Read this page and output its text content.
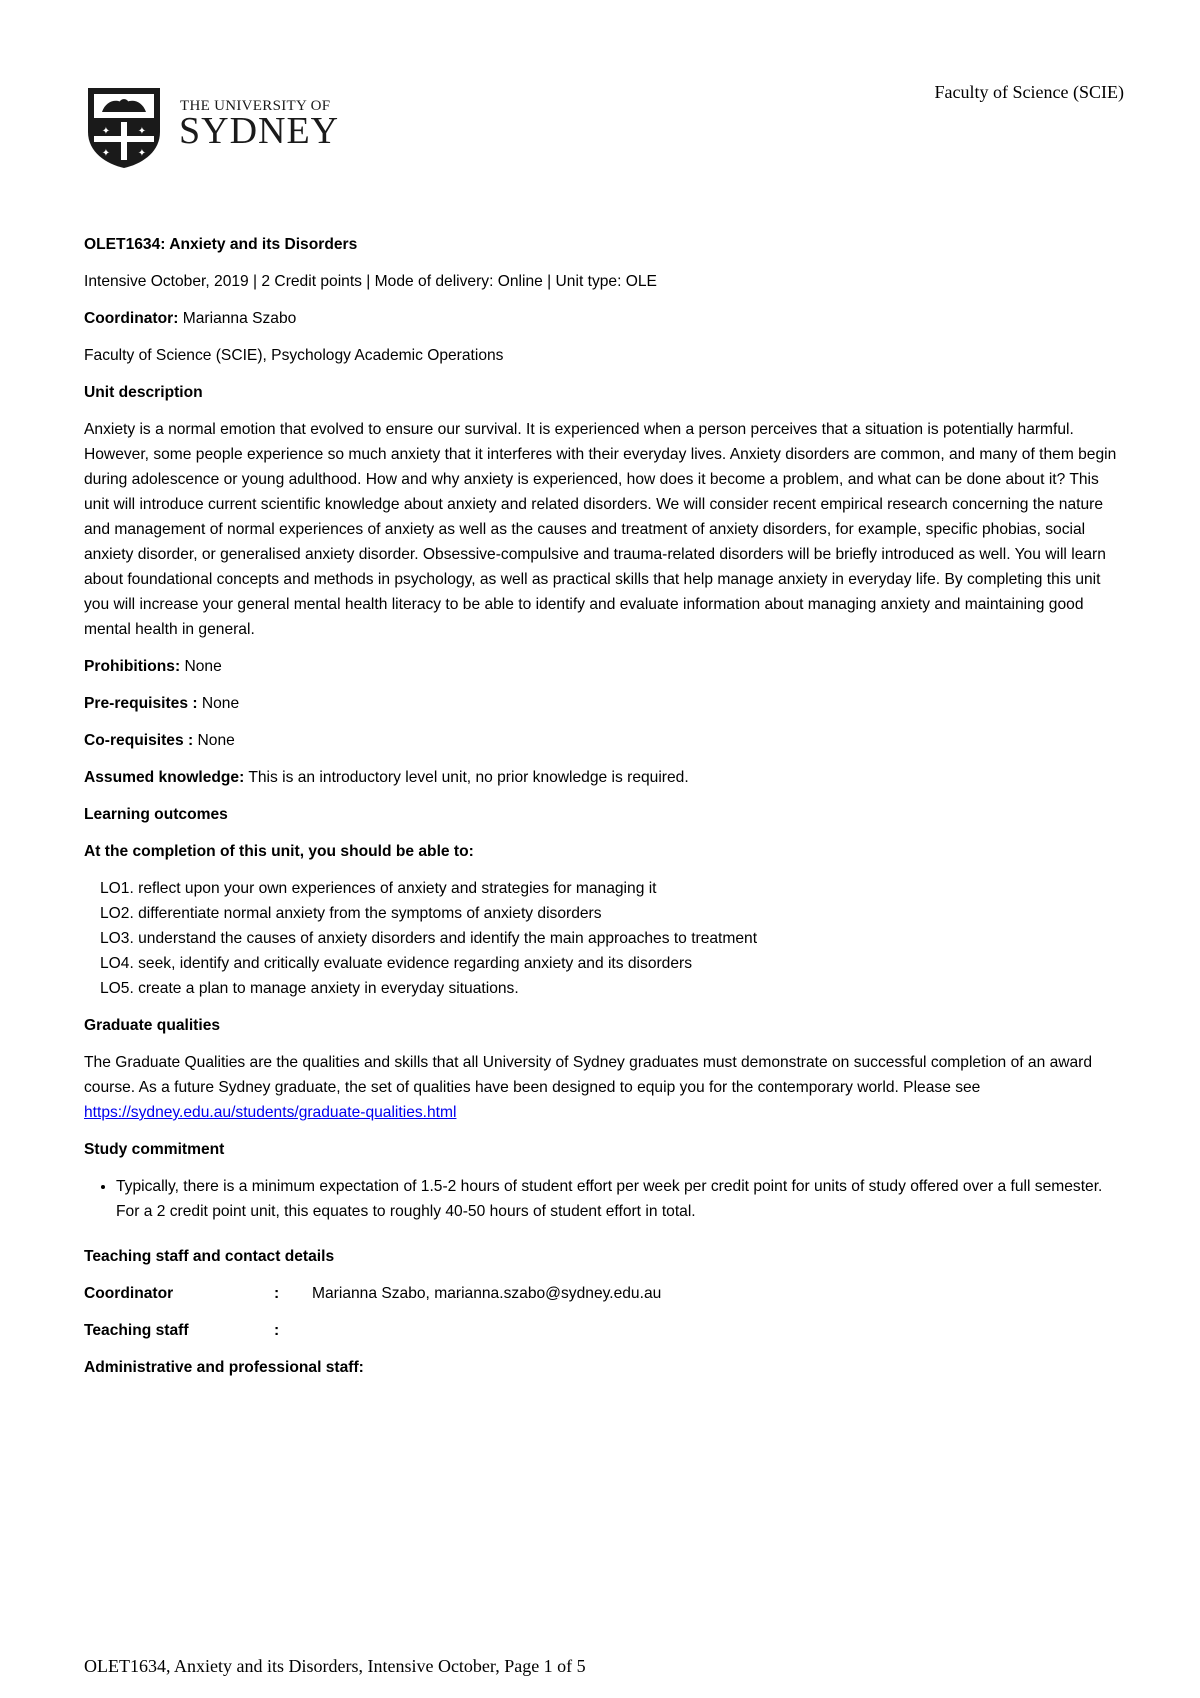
✦	✦
✦	✦
THE UNIVERSITY OF
SYDNEY
Faculty of Science (SCIE)

OLET1634: Anxiety and its Disorders

Intensive October, 2019 | 2 Credit points | Mode of delivery: Online | Unit type: OLE

Coordinator: Marianna Szabo

Faculty of Science (SCIE), Psychology Academic Operations

Unit description

Anxiety is a normal emotion that evolved to ensure our survival. It is experienced when a person perceives that a situation is potentially harmful. However, some people experience so much anxiety that it interferes with their everyday lives. Anxiety disorders are common, and many of them begin during adolescence or young adulthood. How and why anxiety is experienced, how does it become a problem, and what can be done about it? This unit will introduce current scientific knowledge about anxiety and related disorders. We will consider recent empirical research concerning the nature and management of normal experiences of anxiety as well as the causes and treatment of anxiety disorders, for example, specific phobias, social anxiety disorder, or generalised anxiety disorder. Obsessive-compulsive and trauma-related disorders will be briefly introduced as well. You will learn about foundational concepts and methods in psychology, as well as practical skills that help manage anxiety in everyday life. By completing this unit you will increase your general mental health literacy to be able to identify and evaluate information about managing anxiety and maintaining good mental health in general.

Prohibitions: None

Pre-requisites : None

Co-requisites : None

Assumed knowledge: This is an introductory level unit, no prior knowledge is required.

Learning outcomes

At the completion of this unit, you should be able to:

LO1. reflect upon your own experiences of anxiety and strategies for managing it
LO2. differentiate normal anxiety from the symptoms of anxiety disorders
LO3. understand the causes of anxiety disorders and identify the main approaches to treatment
LO4. seek, identify and critically evaluate evidence regarding anxiety and its disorders
LO5. create a plan to manage anxiety in everyday situations.

Graduate qualities

The Graduate Qualities are the qualities and skills that all University of Sydney graduates must demonstrate on successful completion of an award course. As a future Sydney graduate, the set of qualities have been designed to equip you for the contemporary world. Please see https://sydney.edu.au/students/graduate-qualities.html

Study commitment

• Typically, there is a minimum expectation of 1.5-2 hours of student effort per week per credit point for units of study offered over a full semester. For a 2 credit point unit, this equates to roughly 40-50 hours of student effort in total.

Teaching staff and contact details

Coordinator	:	Marianna Szabo, marianna.szabo@sydney.edu.au
Teaching staff	:

Administrative and professional staff:

OLET1634, Anxiety and its Disorders, Intensive October, Page 1 of 5
